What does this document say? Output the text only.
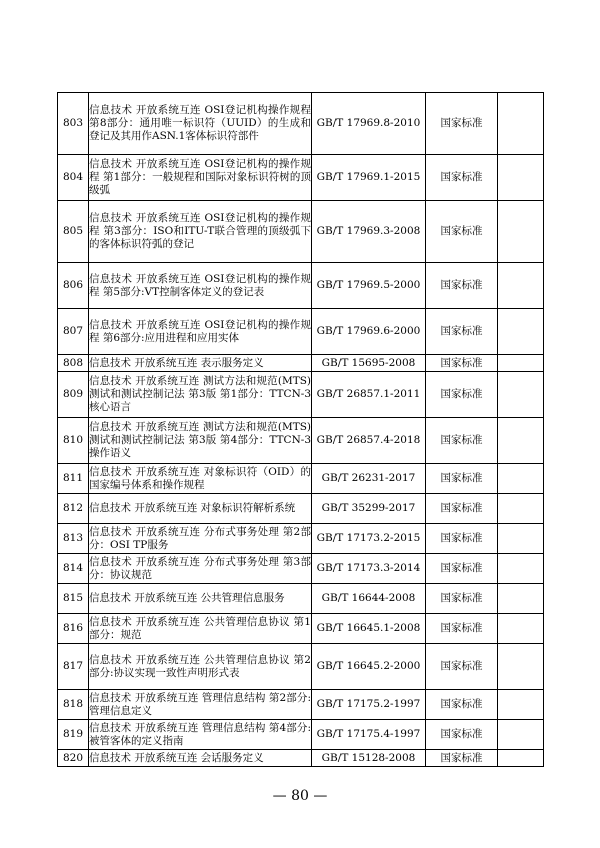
803	信息技术 开放系统互连 OSI登记机构操作规程 第8部分：通用唯一标识符（UUID）的生成和登记及其用作ASN.1客体标识符部件	GB/T 17969.8-2010	国家标准	
804	信息技术 开放系统互连 OSI登记机构的操作规程 第1部分：一般规程和国际对象标识符树的顶级弧	GB/T 17969.1-2015	国家标准	
805	信息技术 开放系统互连 OSI登记机构的操作规程 第3部分：ISO和ITU-T联合管理的顶级弧下的客体标识符弧的登记	GB/T 17969.3-2008	国家标准	
806	信息技术 开放系统互连 OSI登记机构的操作规程 第5部分:VT控制客体定义的登记表	GB/T 17969.5-2000	国家标准	
807	信息技术 开放系统互连 OSI登记机构的操作规程 第6部分:应用进程和应用实体	GB/T 17969.6-2000	国家标准	
808	信息技术 开放系统互连 表示服务定义	GB/T 15695-2008	国家标准	
809	信息技术 开放系统互连 测试方法和规范(MTS)测试和测试控制记法 第3版 第1部分：TTCN-3核心语言	GB/T 26857.1-2011	国家标准	
810	信息技术 开放系统互连 测试方法和规范(MTS)测试和测试控制记法 第3版 第4部分：TTCN-3操作语义	GB/T 26857.4-2018	国家标准	
811	信息技术 开放系统互连 对象标识符（OID）的国家编号体系和操作规程	GB/T 26231-2017	国家标准	
812	信息技术 开放系统互连 对象标识符解析系统	GB/T 35299-2017	国家标准	
813	信息技术 开放系统互连 分布式事务处理 第2部分：OSI TP服务	GB/T 17173.2-2015	国家标准	
814	信息技术 开放系统互连 分布式事务处理 第3部分：协议规范	GB/T 17173.3-2014	国家标准	
815	信息技术 开放系统互连 公共管理信息服务	GB/T 16644-2008	国家标准	
816	信息技术 开放系统互连 公共管理信息协议 第1部分：规范	GB/T 16645.1-2008	国家标准	
817	信息技术 开放系统互连 公共管理信息协议 第2部分:协议实现一致性声明形式表	GB/T 16645.2-2000	国家标准	
818	信息技术 开放系统互连 管理信息结构 第2部分:管理信息定义	GB/T 17175.2-1997	国家标准	
819	信息技术 开放系统互连 管理信息结构 第4部分:被管客体的定义指南	GB/T 17175.4-1997	国家标准	
820	信息技术 开放系统互连 会话服务定义	GB/T 15128-2008	国家标准	
— 80 —
